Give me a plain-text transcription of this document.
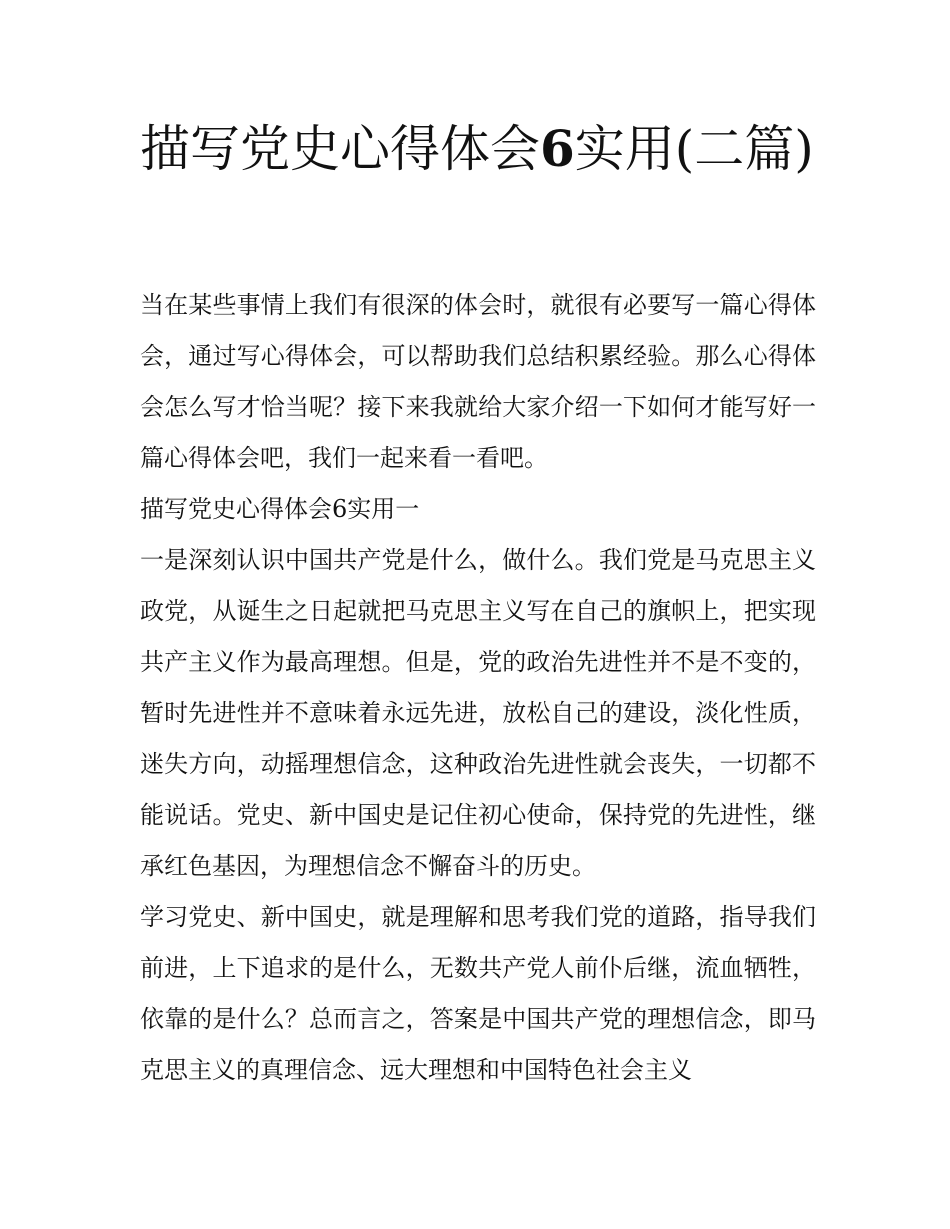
描写党史心得体会6实用(二篇)

当在某些事情上我们有很深的体会时，就很有必要写一篇心得体会，通过写心得体会，可以帮助我们总结积累经验。那么心得体会怎么写才恰当呢？接下来我就给大家介绍一下如何才能写好一篇心得体会吧，我们一起来看一看吧。

描写党史心得体会6实用一

一是深刻认识中国共产党是什么，做什么。我们党是马克思主义政党，从诞生之日起就把马克思主义写在自己的旗帜上，把实现共产主义作为最高理想。但是，党的政治先进性并不是不变的，暂时先进性并不意味着永远先进，放松自己的建设，淡化性质，迷失方向，动摇理想信念，这种政治先进性就会丧失，一切都不能说话。党史、新中国史是记住初心使命，保持党的先进性，继承红色基因，为理想信念不懈奋斗的历史。

学习党史、新中国史，就是理解和思考我们党的道路，指导我们前进，上下追求的是什么，无数共产党人前仆后继，流血牺牲，依靠的是什么？总而言之，答案是中国共产党的理想信念，即马克思主义的真理信念、远大理想和中国特色社会主义
